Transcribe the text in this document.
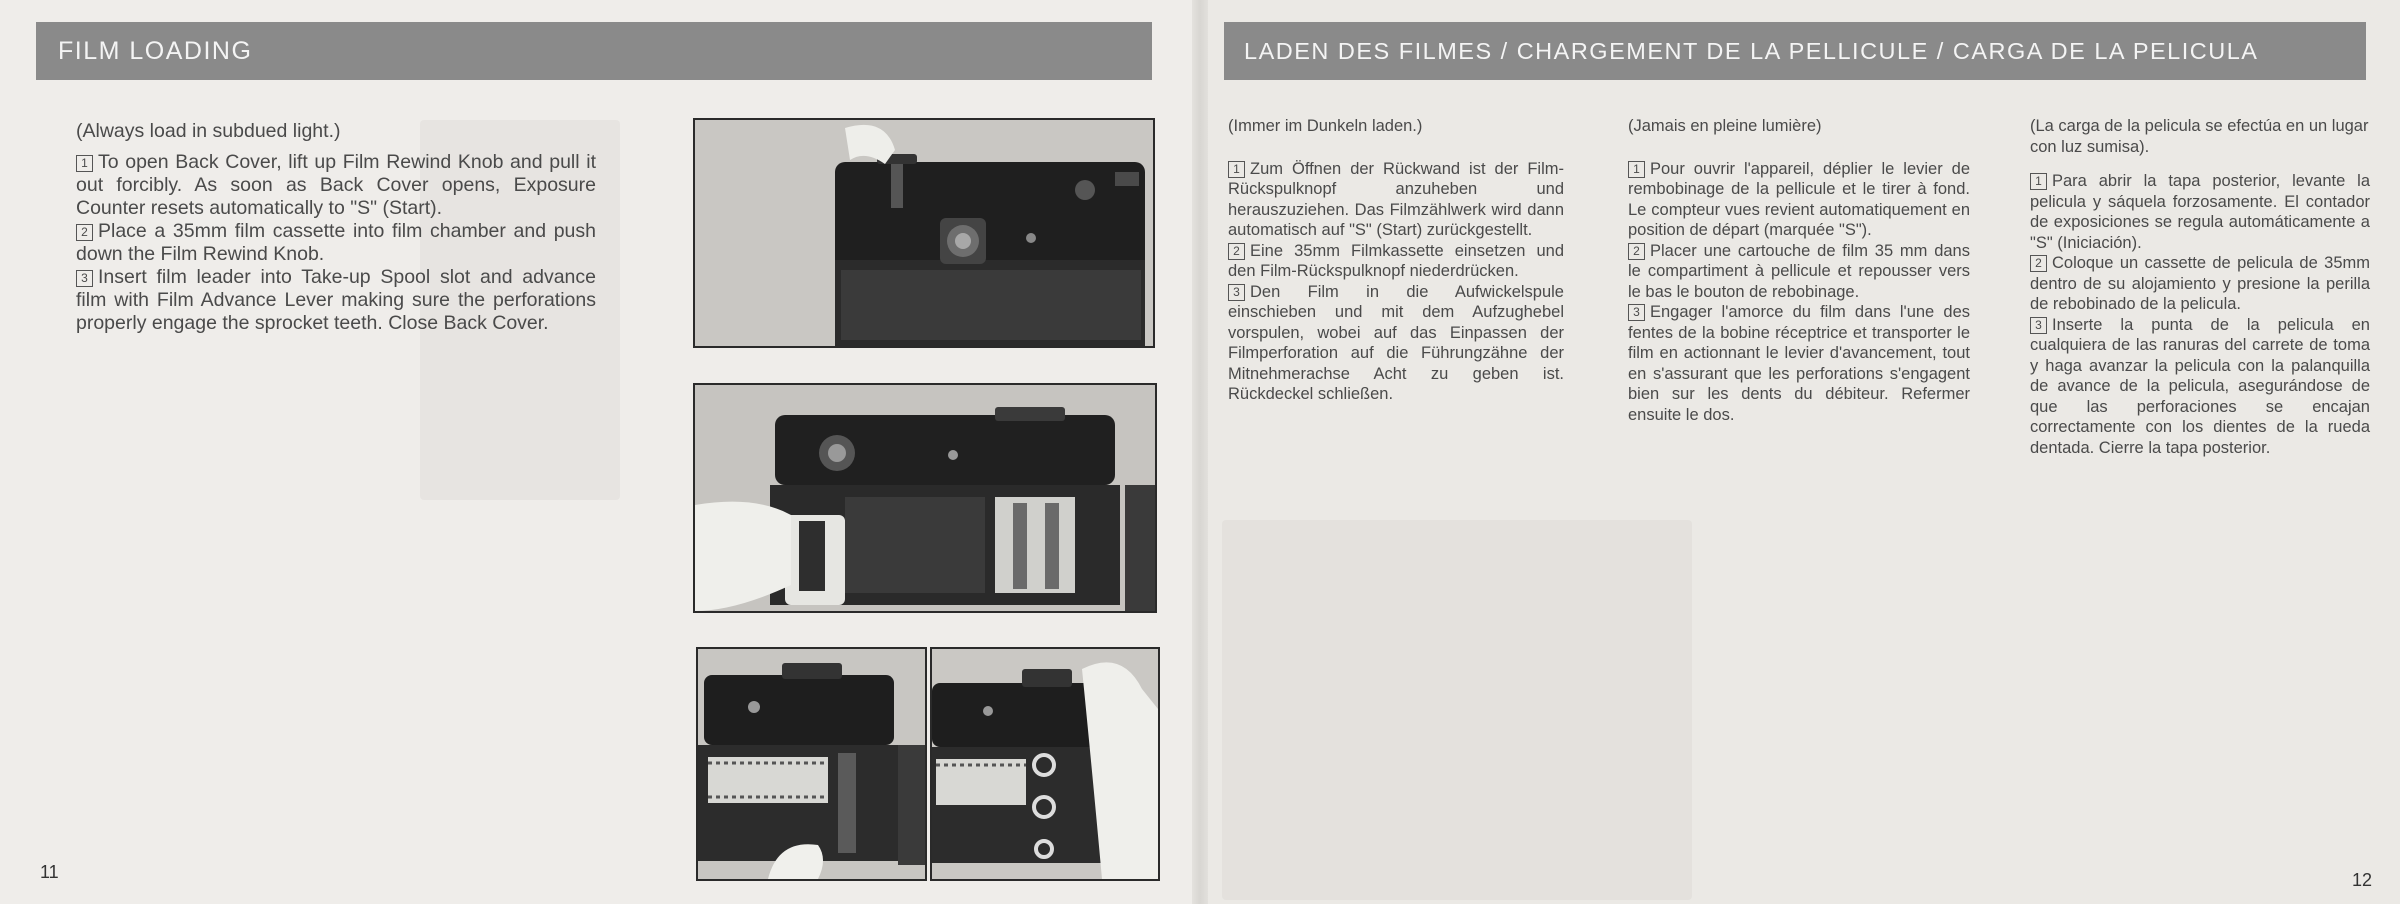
FILM LOADING

(Always load in subdued light.)

1 To open Back Cover, lift up Film Rewind Knob and pull it out forcibly. As soon as Back Cover opens, Exposure Counter resets automatically to "S" (Start).

2 Place a 35mm film cassette into film chamber and push down the Film Rewind Knob.

3 Insert film leader into Take-up Spool slot and advance film with Film Advance Lever making sure the perforations properly engage the sprocket teeth. Close Back Cover.

11
LADEN DES FILMES / CHARGEMENT DE LA PELLICULE / CARGA DE LA PELICULA

(Immer im Dunkeln laden.)

1 Zum Öffnen der Rückwand ist der Film-Rückspulknopf anzuheben und herauszuziehen. Das Filmzählwerk wird dann automatisch auf "S" (Start) zurückgestellt.

2 Eine 35mm Filmkassette einsetzen und den Film-Rückspulknopf niederdrücken.

3 Den Film in die Aufwickelspule einschieben und mit dem Aufzughebel vorspulen, wobei auf das Einpassen der Filmperforation auf die Führungzähne der Mitnehmerachse Acht zu geben ist. Rückdeckel schließen.

(Jamais en pleine lumière)

1 Pour ouvrir l'appareil, déplier le levier de rembobinage de la pellicule et le tirer à fond. Le compteur vues revient automatiquement en position de départ (marquée "S").

2 Placer une cartouche de film 35 mm dans le compartiment à pellicule et repousser vers le bas le bouton de rebobinage.

3 Engager l'amorce du film dans l'une des fentes de la bobine réceptrice et transporter le film en actionnant le levier d'avancement, tout en s'assurant que les perforations s'engagent bien sur les dents du débiteur. Refermer ensuite le dos.

(La carga de la pelicula se efectúa en un lugar con luz sumisa).

1 Para abrir la tapa posterior, levante la pelicula y sáquela forzosamente. El contador de exposiciones se regula automáticamente a "S" (Iniciación).

2 Coloque un cassette de pelicula de 35mm dentro de su alojamiento y presione la perilla de rebobinado de la pelicula.

3 Inserte la punta de la pelicula en cualquiera de las ranuras del carrete de toma y haga avanzar la pelicula con la palanquilla de avance de la pelicula, asegurándose de que las perforaciones se encajan correctamente con los dientes de la rueda dentada. Cierre la tapa posterior.

12
